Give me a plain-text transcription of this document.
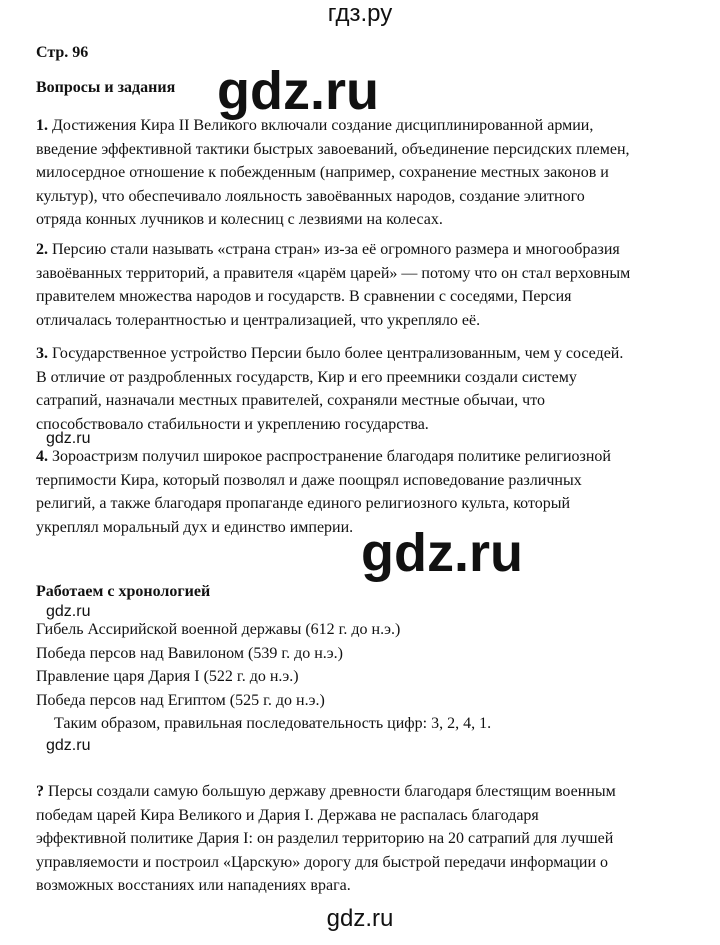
гдз.ру
gdz.ru
gdz.ru
gdz.ru
gdz.ru
gdz.ru
gdz.ru
Стр. 96
Вопросы и задания
1. Достижения Кира II Великого включали создание дисциплинированной армии,
введение эффективной тактики быстрых завоеваний, объединение персидских племен,
милосердное отношение к побежденным (например, сохранение местных законов и
культур), что обеспечивало лояльность завоёванных народов, создание элитного
отряда конных лучников и колесниц с лезвиями на колесах.
2. Персию стали называть «страна стран» из-за её огромного размера и многообразия
завоёванных территорий, а правителя «царём царей» — потому что он стал верховным
правителем множества народов и государств. В сравнении с соседями, Персия
отличалась толерантностью и централизацией, что укрепляло её.
3. Государственное устройство Персии было более централизованным, чем у соседей.
В отличие от раздробленных государств, Кир и его преемники создали систему
сатрапий, назначали местных правителей, сохраняли местные обычаи, что
способствовало стабильности и укреплению государства.
4. Зороастризм получил широкое распространение благодаря политике религиозной
терпимости Кира, который позволял и даже поощрял исповедование различных
религий, а также благодаря пропаганде единого религиозного культа, который
укреплял моральный дух и единство империи.
Работаем с хронологией
Гибель Ассирийской военной державы (612 г. до н.э.)
Победа персов над Вавилоном (539 г. до н.э.)
Правление царя Дария I (522 г. до н.э.)
Победа персов над Египтом (525 г. до н.э.)
Таким образом, правильная последовательность цифр: 3, 2, 4, 1.
? Персы создали самую большую державу древности благодаря блестящим военным
победам царей Кира Великого и Дария I. Держава не распалась благодаря
эффективной политике Дария I: он разделил территорию на 20 сатрапий для лучшей
управляемости и построил «Царскую» дорогу для быстрой передачи информации о
возможных восстаниях или нападениях врага.
